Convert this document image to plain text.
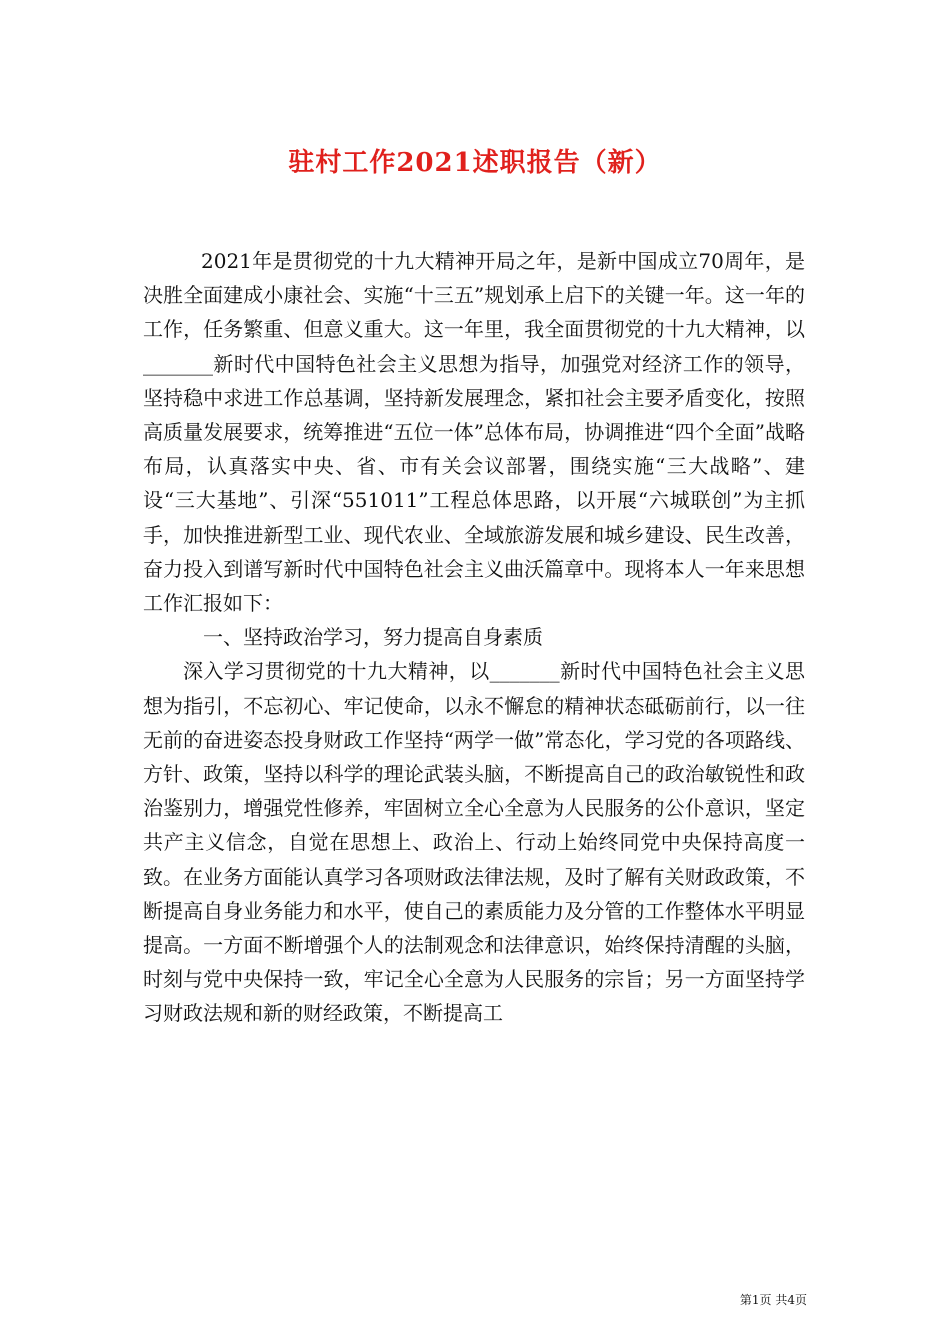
驻村工作2021述职报告（新）

2021年是贯彻党的十九大精神开局之年，是新中国成立70周年，是决胜全面建成小康社会、实施“十三五”规划承上启下的关键一年。这一年的工作，任务繁重、但意义重大。这一年里，我全面贯彻党的十九大精神，以_______新时代中国特色社会主义思想为指导，加强党对经济工作的领导，坚持稳中求进工作总基调，坚持新发展理念，紧扣社会主要矛盾变化，按照高质量发展要求，统筹推进“五位一体”总体布局，协调推进“四个全面”战略布局，认真落实中央、省、市有关会议部署，围绕实施“三大战略”、建设“三大基地”、引深“551011”工程总体思路，以开展“六城联创”为主抓手，加快推进新型工业、现代农业、全域旅游发展和城乡建设、民生改善，奋力投入到谱写新时代中国特色社会主义曲沃篇章中。现将本人一年来思想工作汇报如下：

一、坚持政治学习，努力提高自身素质

深入学习贯彻党的十九大精神，以_______新时代中国特色社会主义思想为指引，不忘初心、牢记使命，以永不懈怠的精神状态砥砺前行，以一往无前的奋进姿态投身财政工作坚持“两学一做”常态化，学习党的各项路线、方针、政策，坚持以科学的理论武装头脑，不断提高自己的政治敏锐性和政治鉴别力，增强党性修养，牢固树立全心全意为人民服务的公仆意识，坚定共产主义信念，自觉在思想上、政治上、行动上始终同党中央保持高度一致。在业务方面能认真学习各项财政法律法规，及时了解有关财政政策，不断提高自身业务能力和水平，使自己的素质能力及分管的工作整体水平明显提高。一方面不断增强个人的法制观念和法律意识，始终保持清醒的头脑，时刻与党中央保持一致，牢记全心全意为人民服务的宗旨；另一方面坚持学习财政法规和新的财经政策，不断提高工

第1页 共4页
